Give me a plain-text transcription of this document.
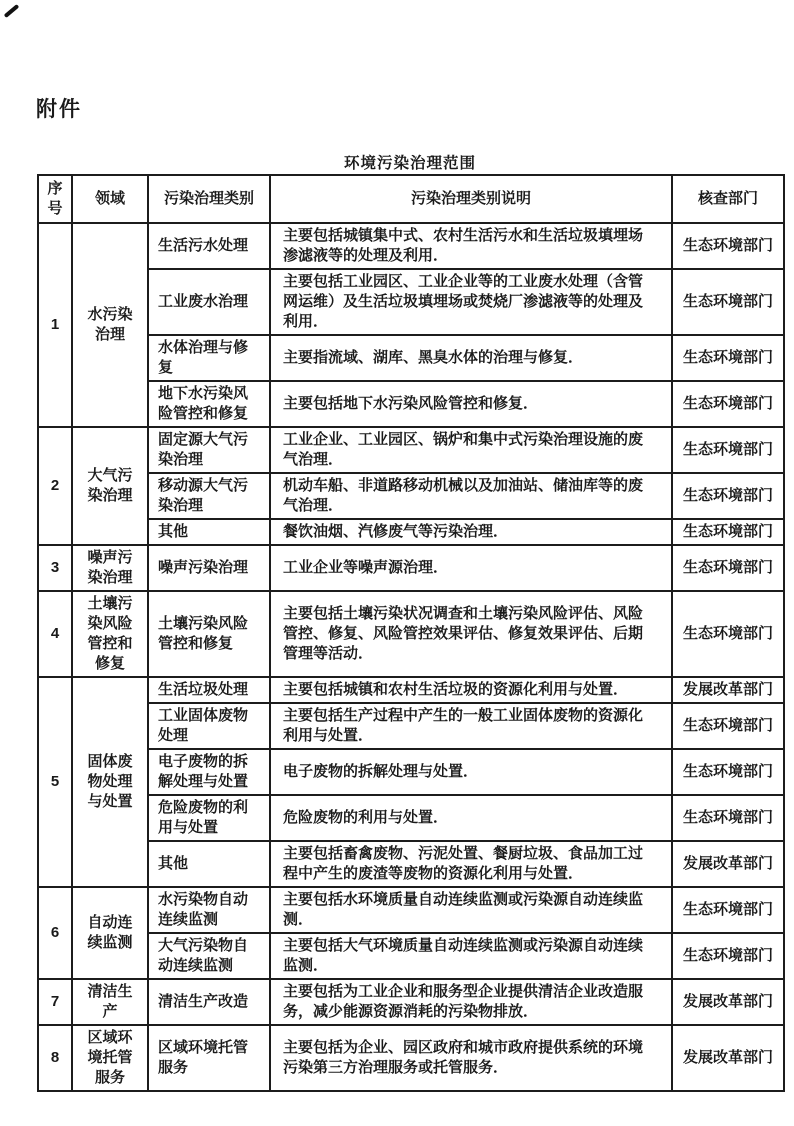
附件
环境污染治理范围
序号	领域	污染治理类别	污染治理类别说明	核查部门
1	水污染治理	生活污水处理	主要包括城镇集中式、农村生活污水和生活垃圾填埋场渗滤液等的处理及利用．	生态环境部门
		工业废水治理	主要包括工业园区、工业企业等的工业废水处理（含管网运维）及生活垃圾填埋场或焚烧厂渗滤液等的处理及利用．	生态环境部门
		水体治理与修复	主要指流域、湖库、黑臭水体的治理与修复．	生态环境部门
		地下水污染风险管控和修复	主要包括地下水污染风险管控和修复．	生态环境部门
2	大气污染治理	固定源大气污染治理	工业企业、工业园区、锅炉和集中式污染治理设施的废气治理．	生态环境部门
		移动源大气污染治理	机动车船、非道路移动机械以及加油站、储油库等的废气治理．	生态环境部门
		其他	餐饮油烟、汽修废气等污染治理．	生态环境部门
3	噪声污染治理	噪声污染治理	工业企业等噪声源治理．	生态环境部门
4	土壤污染风险管控和修复	土壤污染风险管控和修复	主要包括土壤污染状况调查和土壤污染风险评估、风险管控、修复、风险管控效果评估、修复效果评估、后期管理等活动．	生态环境部门
5	固体废物处理与处置	生活垃圾处理	主要包括城镇和农村生活垃圾的资源化利用与处置．	发展改革部门
		工业固体废物处理	主要包括生产过程中产生的一般工业固体废物的资源化利用与处置．	生态环境部门
		电子废物的拆解处理与处置	电子废物的拆解处理与处置．	生态环境部门
		危险废物的利用与处置	危险废物的利用与处置．	生态环境部门
		其他	主要包括畜禽废物、污泥处置、餐厨垃圾、食品加工过程中产生的废渣等废物的资源化利用与处置．	发展改革部门
6	自动连续监测	水污染物自动连续监测	主要包括水环境质量自动连续监测或污染源自动连续监测．	生态环境部门
		大气污染物自动连续监测	主要包括大气环境质量自动连续监测或污染源自动连续监测．	生态环境部门
7	清洁生产	清洁生产改造	主要包括为工业企业和服务型企业提供清洁企业改造服务，减少能源资源消耗的污染物排放．	发展改革部门
8	区域环境托管服务	区域环境托管服务	主要包括为企业、园区政府和城市政府提供系统的环境污染第三方治理服务或托管服务．	发展改革部门
